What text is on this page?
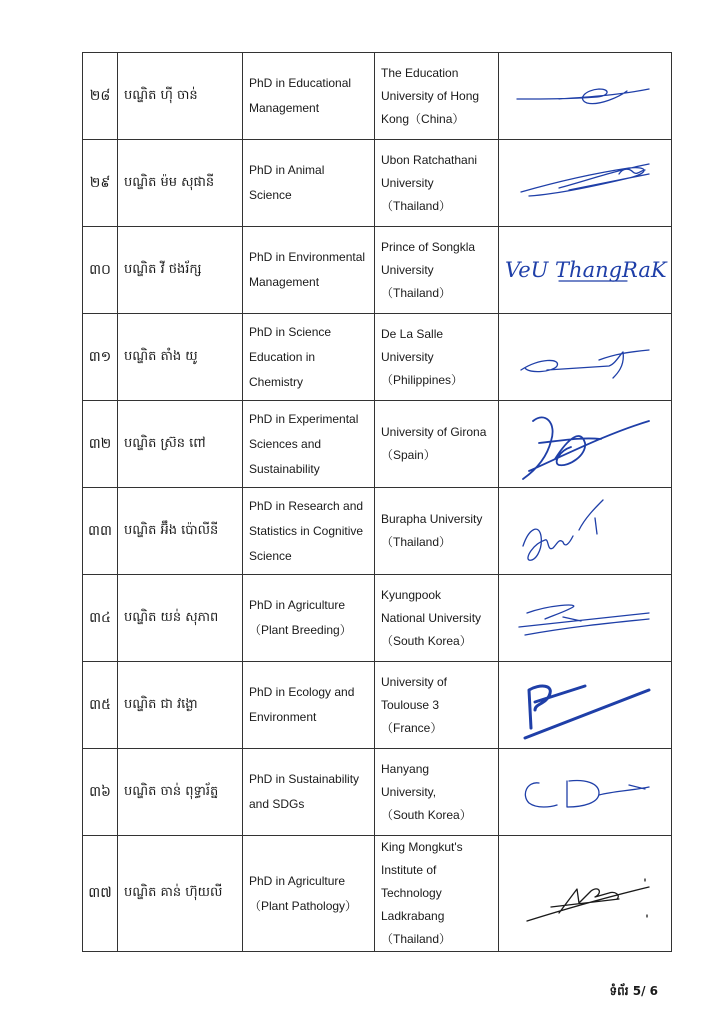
២៨	បណ្ឌិត ហ៊ី ចាន់	PhD in Educational
Management	The Education
University of Hong
Kong（China）

២៩	បណ្ឌិត ម៉ម សុផានី	PhD in Animal
Science	Ubon Ratchathani
University
（Thailand）

៣០	បណ្ឌិត វី ថងរ័ក្ស	PhD in Environmental
Management	Prince of Songkla
University
（Thailand）	VeU ThangRaK

៣១	បណ្ឌិត តាំង យូ	PhD in Science
Education in
Chemistry	De La Salle
University
（Philippines）

៣២	បណ្ឌិត ស្រ៊ន ពៅ	PhD in Experimental
Sciences and
Sustainability	University of Girona
（Spain）

៣៣	បណ្ឌិត អ៊ឹង ប៉ោលីនី	PhD in Research and
Statistics in Cognitive
Science	Burapha University
（Thailand）

៣៤	បណ្ឌិត យន់ សុភាព	PhD in Agriculture
（Plant Breeding）	Kyungpook
National University
（South Korea）

៣៥	បណ្ឌិត ជា វង្ងោ	PhD in Ecology and
Environment	University of
Toulouse 3
（France）

៣៦	បណ្ឌិត ចាន់ ពុទ្ធារ័ត្ន	PhD in Sustainability
and SDGs	Hanyang
University,
（South Korea）

៣៧	បណ្ឌិត គាន់ ហ៊ុយលី	PhD in Agriculture
（Plant Pathology）	King Mongkut's
Institute of
Technology
Ladkrabang
（Thailand）

ទំព័រ 5/ 6
